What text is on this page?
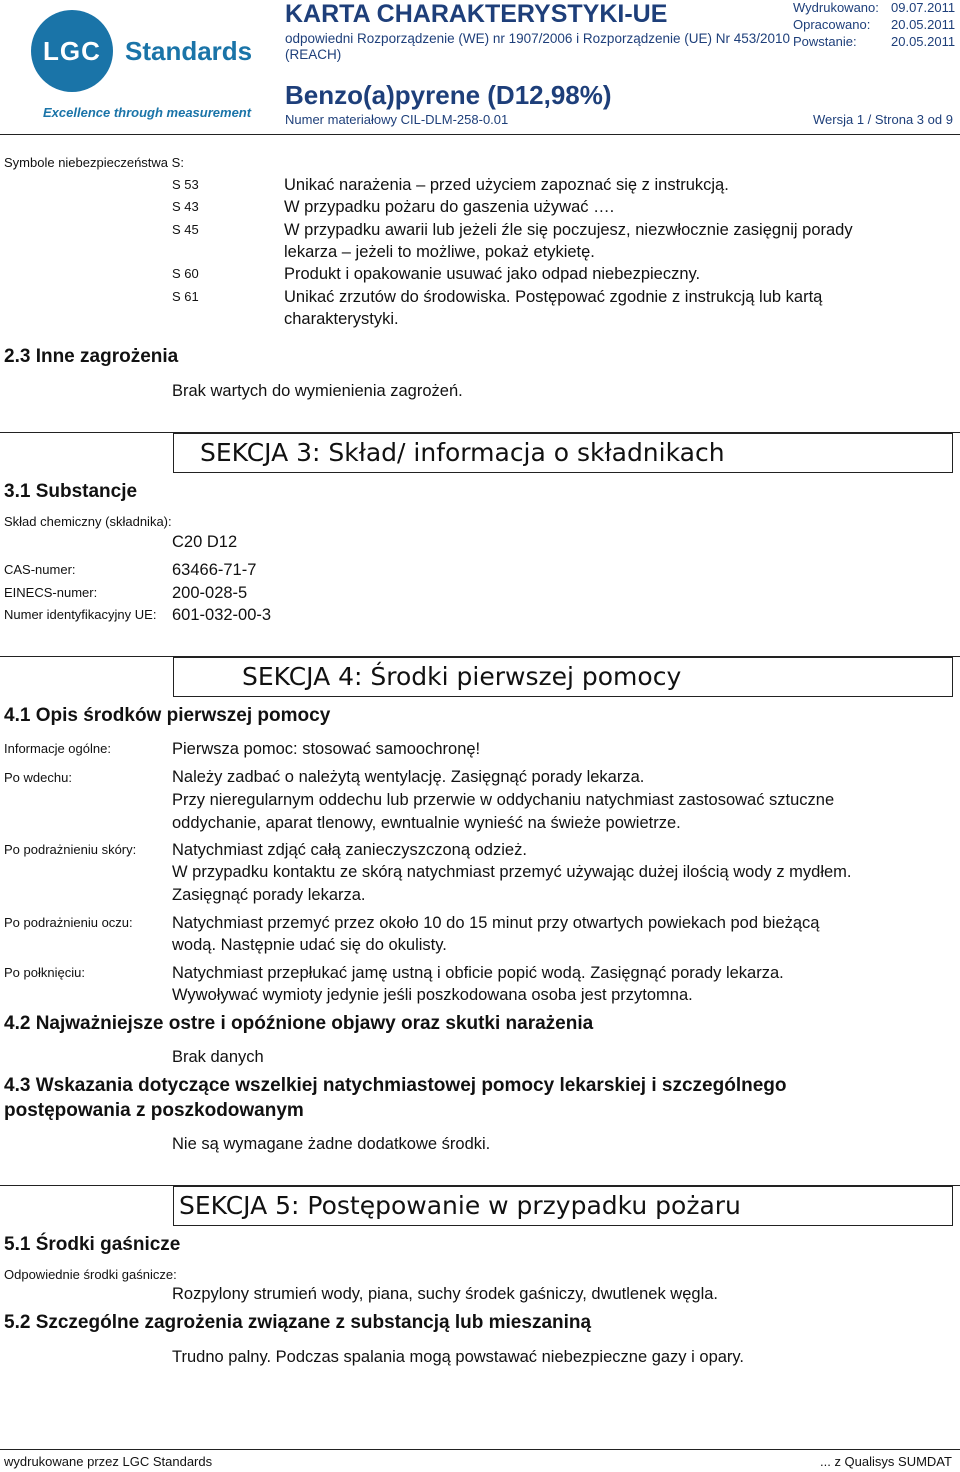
LGC Standards
Excellence through measurement
KARTA CHARAKTERYSTYKI-UE
odpowiedni Rozporządzenie (WE) nr 1907/2006 i Rozporządzenie (UE) Nr 453/2010
(REACH)
Benzo(a)pyrene (D12,98%)
Numer materiałowy CIL-DLM-258-0.01	Wersja 1 / Strona 3 od 9
Wydrukowano: 09.07.2011
Opracowano: 20.05.2011
Powstanie:	20.05.2011
Symbole niebezpieczeństwa S:
S 53	Unikać narażenia – przed użyciem zapoznać się z instrukcją.
S 43	W przypadku pożaru do gaszenia używać ….
S 45	W przypadku awarii lub jeżeli źle się poczujesz, niezwłocznie zasięgnij porady
lekarza – jeżeli to możliwe, pokaż etykietę.
S 60	Produkt i opakowanie usuwać jako odpad niebezpieczny.
S 61	Unikać zrzutów do środowiska. Postępować zgodnie z instrukcją lub kartą
charakterystyki.
2.3 Inne zagrożenia
Brak wartych do wymienienia zagrożeń.
SEKCJA 3: Skład/ informacja o składnikach
3.1 Substancje
Skład chemiczny (składnika):
C20 D12
CAS-numer:	63466-71-7
EINECS-numer:	200-028-5
Numer identyfikacyjny UE: 601-032-00-3
SEKCJA 4: Środki pierwszej pomocy
4.1 Opis środków pierwszej pomocy
Informacje ogólne:	Pierwsza pomoc: stosować samoochronę!
Po wdechu:	Należy zadbać o należytą wentylację. Zasięgnąć porady lekarza.
Przy nieregularnym oddechu lub przerwie w oddychaniu natychmiast zastosować sztuczne
oddychanie, aparat tlenowy, ewntualnie wynieść na świeże powietrze.
Po podrażnieniu skóry: Natychmiast zdjąć całą zanieczyszczoną odzież.
W przypadku kontaktu ze skórą natychmiast przemyć używając dużej ilością wody z mydłem.
Zasięgnąć porady lekarza.
Po podrażnieniu oczu: Natychmiast przemyć przez około 10 do 15 minut przy otwartych powiekach pod bieżącą
wodą. Następnie udać się do okulisty.
Po połknięciu:	Natychmiast przepłukać jamę ustną i obficie popić wodą. Zasięgnąć porady lekarza.
Wywoływać wymioty jedynie jeśli poszkodowana osoba jest przytomna.
4.2 Najważniejsze ostre i opóźnione objawy oraz skutki narażenia
Brak danych
4.3 Wskazania dotyczące wszelkiej natychmiastowej pomocy lekarskiej i szczególnego
postępowania z poszkodowanym
Nie są wymagane żadne dodatkowe środki.
SEKCJA 5: Postępowanie w przypadku pożaru
5.1 Środki gaśnicze
Odpowiednie środki gaśnicze:
Rozpylony strumień wody, piana, suchy środek gaśniczy, dwutlenek węgla.
5.2 Szczególne zagrożenia związane z substancją lub mieszaniną
Trudno palny. Podczas spalania mogą powstawać niebezpieczne gazy i opary.
wydrukowane przez LGC Standards	... z Qualisys SUMDAT
